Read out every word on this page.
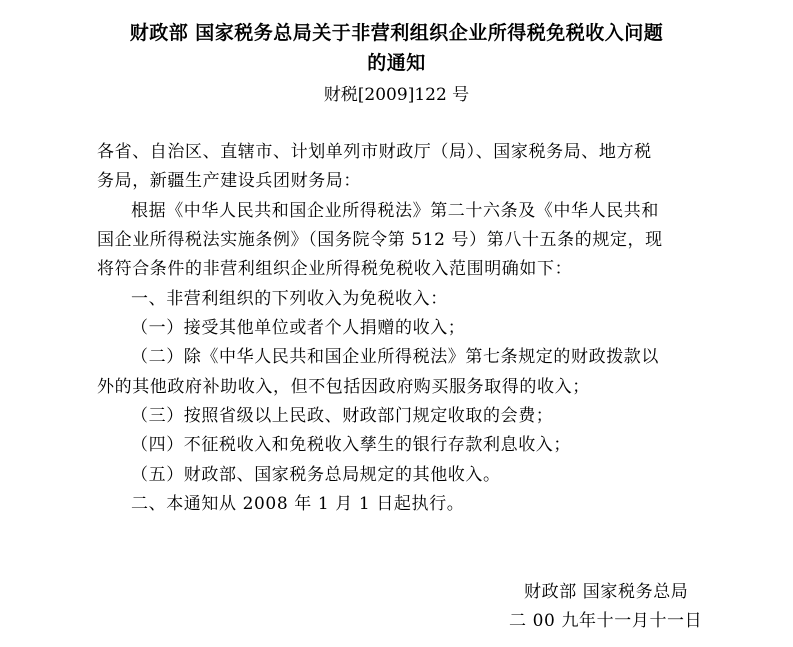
财政部 国家税务总局关于非营利组织企业所得税免税收入问题
的通知
财税[2009]122 号
各省、自治区、直辖市、计划单列市财政厅（局）、国家税务局、地方税
务局，新疆生产建设兵团财务局：
根据《中华人民共和国企业所得税法》第二十六条及《中华人民共和
国企业所得税法实施条例》（国务院令第 512 号）第八十五条的规定，现
将符合条件的非营利组织企业所得税免税收入范围明确如下：
一、非营利组织的下列收入为免税收入：
（一）接受其他单位或者个人捐赠的收入；
（二）除《中华人民共和国企业所得税法》第七条规定的财政拨款以
外的其他政府补助收入，但不包括因政府购买服务取得的收入；
（三）按照省级以上民政、财政部门规定收取的会费；
（四）不征税收入和免税收入孳生的银行存款利息收入；
（五）财政部、国家税务总局规定的其他收入。
二、本通知从 2008 年 1 月 1 日起执行。
财政部 国家税务总局
二 00 九年十一月十一日
